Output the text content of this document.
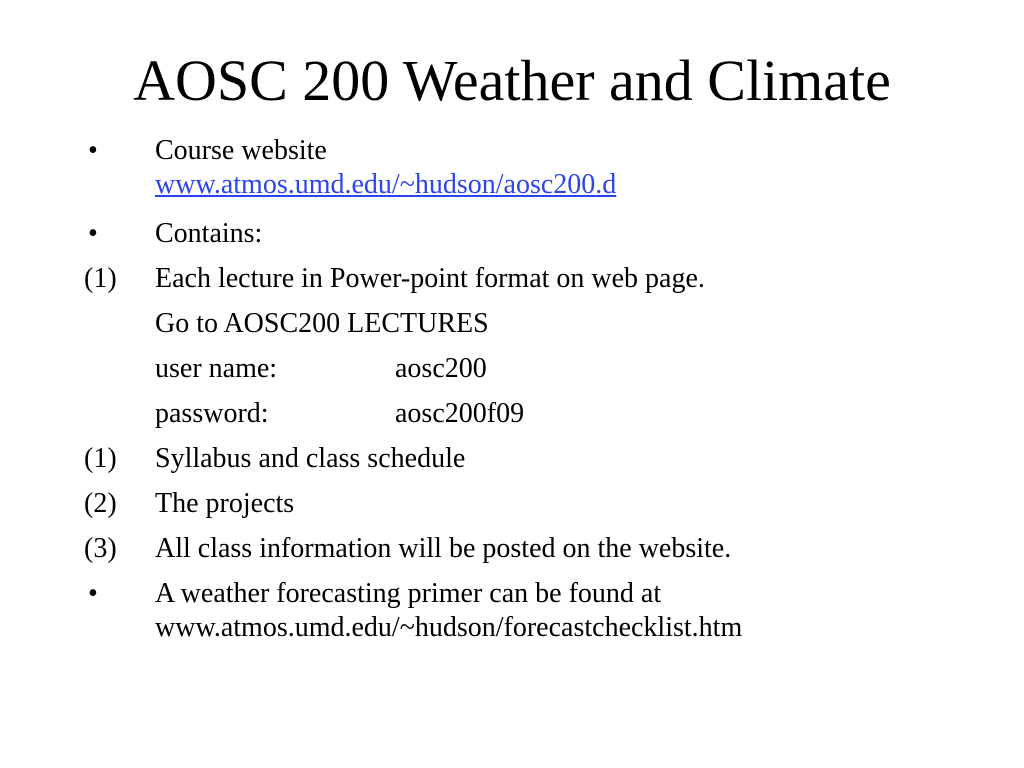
AOSC 200 Weather and Climate
•	Course website
www.atmos.umd.edu/~hudson/aosc200.d
•	Contains:
(1)	Each lecture in Power-point format on web page.
Go to AOSC200 LECTURES
user name:	aosc200
password:	aosc200f09
(1)	Syllabus and class schedule
(2)	The projects
(3)	All class information will be posted on the website.
•	A weather forecasting primer can be found at
www.atmos.umd.edu/~hudson/forecastchecklist.htm
